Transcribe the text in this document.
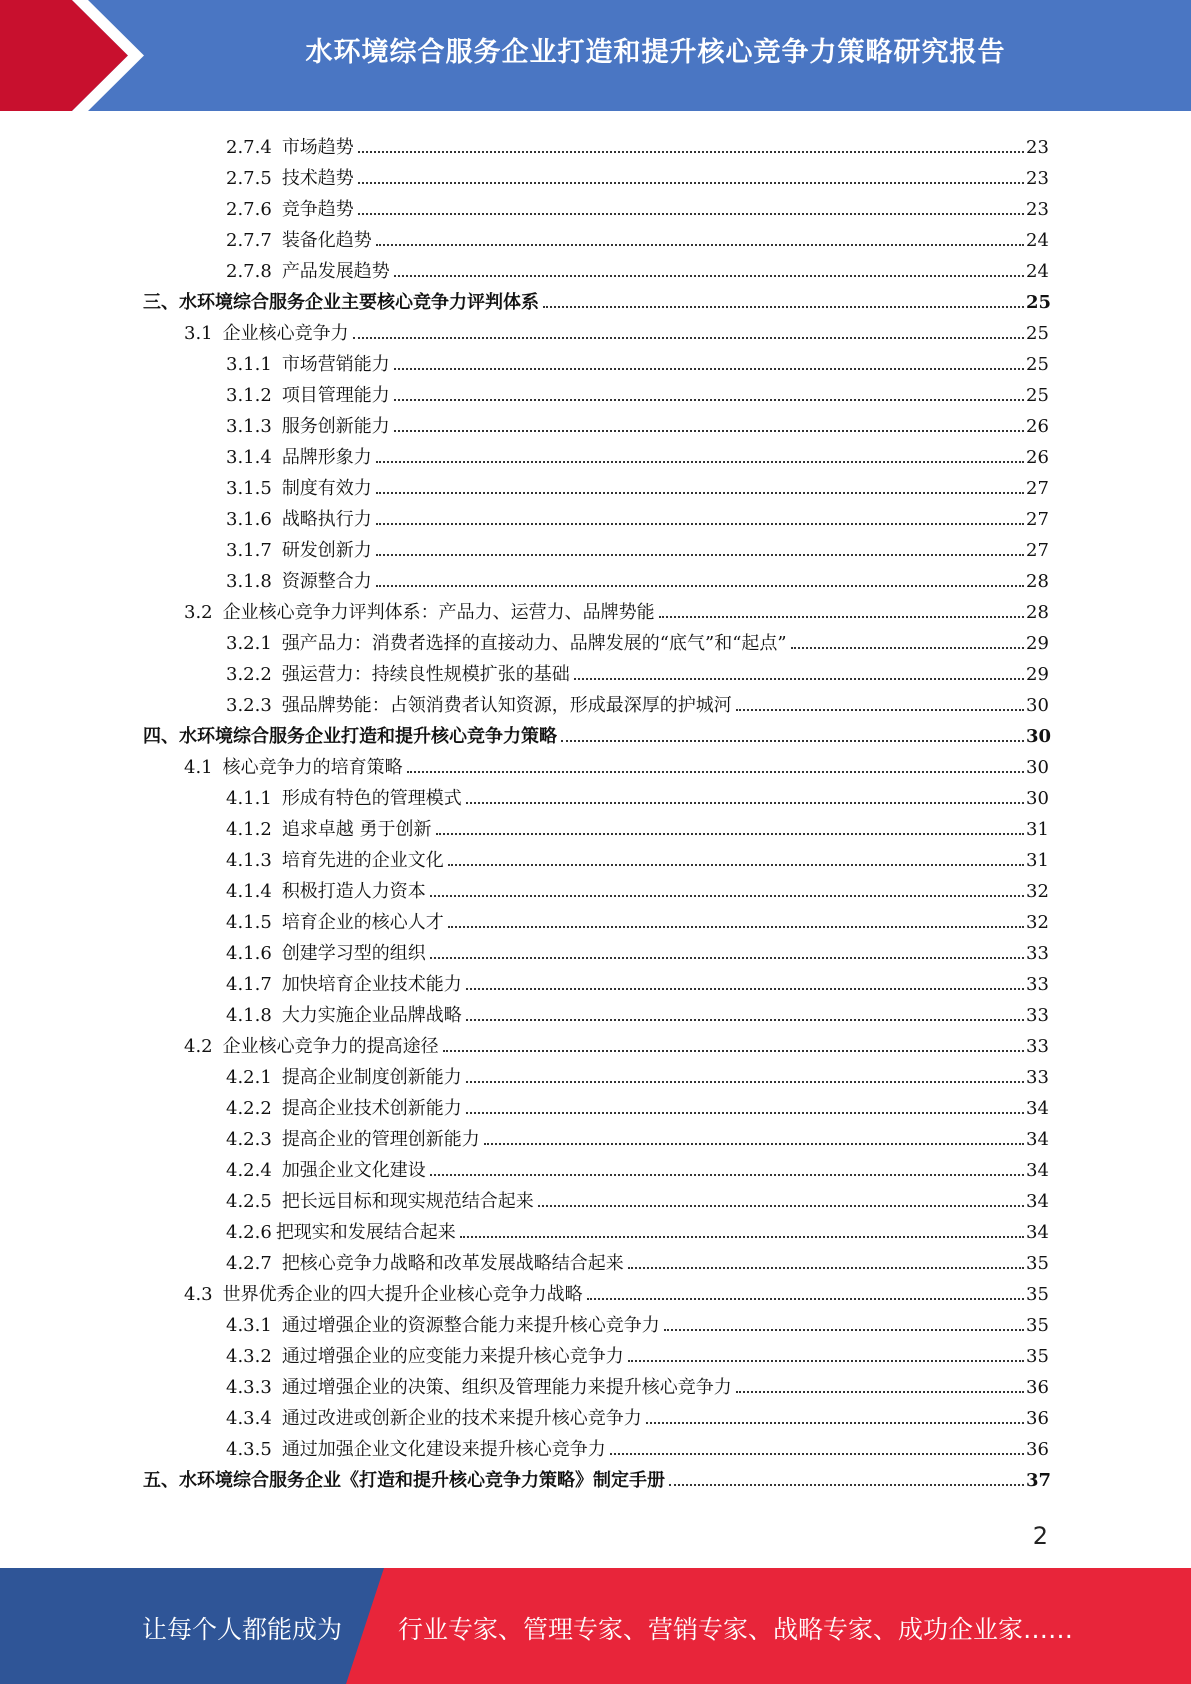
水环境综合服务企业打造和提升核心竞争力策略研究报告
2.7.4 市场趋势	23
2.7.5 技术趋势	23
2.7.6 竞争趋势	23
2.7.7 装备化趋势	24
2.7.8 产品发展趋势	24
三、水环境综合服务企业主要核心竞争力评判体系	25
3.1 企业核心竞争力	25
3.1.1 市场营销能力	25
3.1.2 项目管理能力	25
3.1.3 服务创新能力	26
3.1.4 品牌形象力	26
3.1.5 制度有效力	27
3.1.6 战略执行力	27
3.1.7 研发创新力	27
3.1.8 资源整合力	28
3.2 企业核心竞争力评判体系：产品力、运营力、品牌势能	28
3.2.1 强产品力：消费者选择的直接动力、品牌发展的“底气”和“起点”	29
3.2.2 强运营力：持续良性规模扩张的基础	29
3.2.3 强品牌势能：占领消费者认知资源，形成最深厚的护城河	30
四、水环境综合服务企业打造和提升核心竞争力策略	30
4.1 核心竞争力的培育策略	30
4.1.1 形成有特色的管理模式	30
4.1.2 追求卓越 勇于创新	31
4.1.3 培育先进的企业文化	31
4.1.4 积极打造人力资本	32
4.1.5 培育企业的核心人才	32
4.1.6 创建学习型的组织	33
4.1.7 加快培育企业技术能力	33
4.1.8 大力实施企业品牌战略	33
4.2 企业核心竞争力的提高途径	33
4.2.1 提高企业制度创新能力	33
4.2.2 提高企业技术创新能力	34
4.2.3 提高企业的管理创新能力	34
4.2.4 加强企业文化建设	34
4.2.5 把长远目标和现实规范结合起来	34
4.2.6 把现实和发展结合起来	34
4.2.7 把核心竞争力战略和改革发展战略结合起来	35
4.3 世界优秀企业的四大提升企业核心竞争力战略	35
4.3.1 通过增强企业的资源整合能力来提升核心竞争力	35
4.3.2 通过增强企业的应变能力来提升核心竞争力	35
4.3.3 通过增强企业的决策、组织及管理能力来提升核心竞争力	36
4.3.4 通过改进或创新企业的技术来提升核心竞争力	36
4.3.5 通过加强企业文化建设来提升核心竞争力	36
五、水环境综合服务企业《打造和提升核心竞争力策略》制定手册	37
2
让每个人都能成为 行业专家、管理专家、营销专家、战略专家、成功企业家……
